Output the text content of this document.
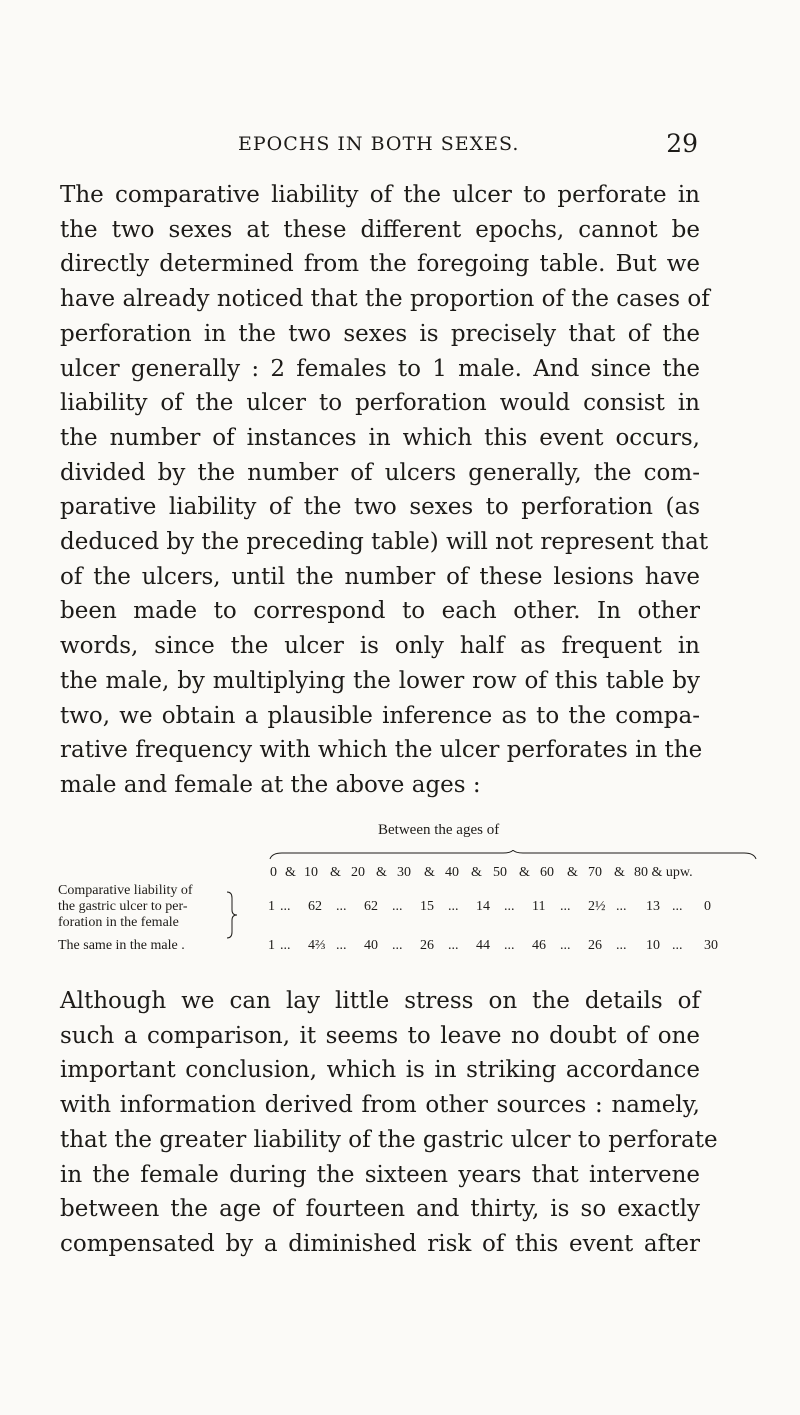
EPOCHS IN BOTH SEXES.	29
The comparative liability of the ulcer to perforate in
the two sexes at these different epochs, cannot be
directly determined from the foregoing table. But we
have already noticed that the proportion of the cases of
perforation in the two sexes is precisely that of the
ulcer generally : 2 females to 1 male. And since the
liability of the ulcer to perforation would consist in
the number of instances in which this event occurs,
divided by the number of ulcers generally, the com-
parative liability of the two sexes to perforation (as
deduced by the preceding table) will not represent that
of the ulcers, until the number of these lesions have
been made to correspond to each other. In other
words, since the ulcer is only half as frequent in
the male, by multiplying the lower row of this table by
two, we obtain a plausible inference as to the compa-
rative frequency with which the ulcer perforates in the
male and female at the above ages :
Between the ages of
0 & 10 & 20 & 30 & 40 & 50 & 60 & 70 & 80 & upw.
Comparative liability of
the gastric ulcer to per-
foration in the female
1 ... 62 ... 62 ... 15 ... 14 ... 11 ... 2½ ... 13 ... 0
The same in the male .	1 ... 4⅔ ... 40 ... 26 ... 44 ... 46 ... 26 ... 10 ... 30
Although we can lay little stress on the details of
such a comparison, it seems to leave no doubt of one
important conclusion, which is in striking accordance
with information derived from other sources : namely,
that the greater liability of the gastric ulcer to perforate
in the female during the sixteen years that intervene
between the age of fourteen and thirty, is so exactly
compensated by a diminished risk of this event after
